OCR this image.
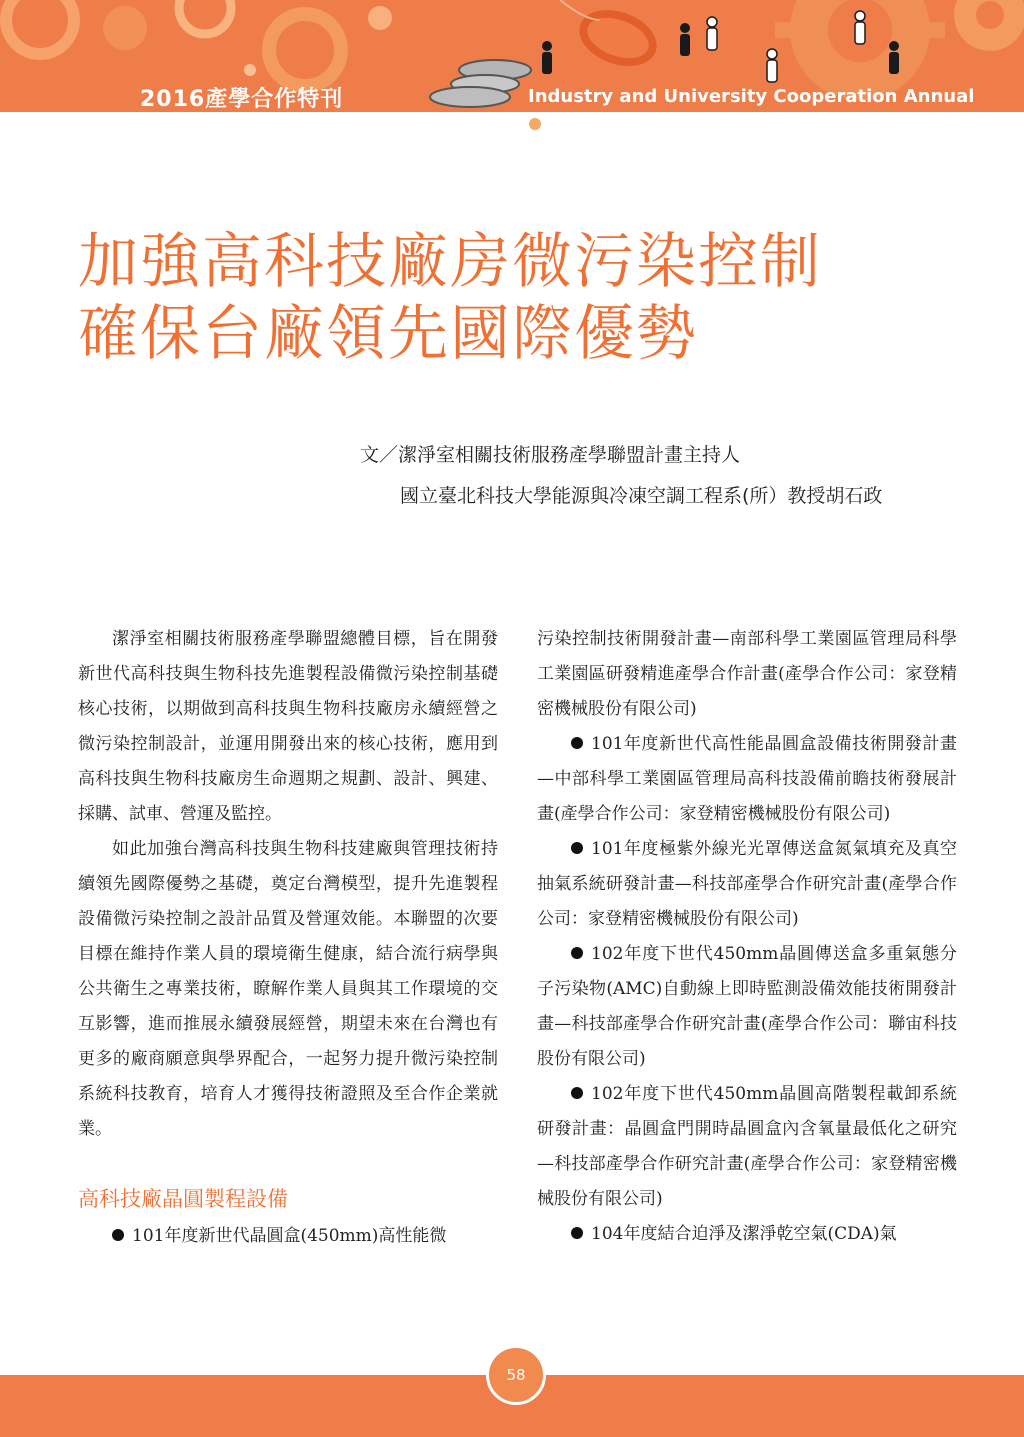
2016產學合作特刊	Industry and University Cooperation Annual
加強高科技廠房微污染控制
確保台廠領先國際優勢
文／潔淨室相關技術服務產學聯盟計畫主持人
國立臺北科技大學能源與冷凍空調工程系(所）教授胡石政

潔淨室相關技術服務產學聯盟總體目標，旨在開發新世代高科技與生物科技先進製程設備微污染控制基礎核心技術，以期做到高科技與生物科技廠房永續經營之微污染控制設計，並運用開發出來的核心技術，應用到高科技與生物科技廠房生命週期之規劃、設計、興建、採購、試車、營運及監控。

如此加強台灣高科技與生物科技建廠與管理技術持續領先國際優勢之基礎，奠定台灣模型，提升先進製程設備微污染控制之設計品質及營運效能。本聯盟的次要目標在維持作業人員的環境衛生健康，結合流行病學與公共衛生之專業技術，瞭解作業人員與其工作環境的交互影響，進而推展永續發展經營，期望未來在台灣也有更多的廠商願意與學界配合，一起努力提升微污染控制系統科技教育，培育人才獲得技術證照及至合作企業就業。

高科技廠晶圓製程設備

101年度新世代晶圓盒(450mm)高性能微

污染控制技術開發計畫—南部科學工業園區管理局科學工業園區研發精進產學合作計畫(產學合作公司：家登精密機械股份有限公司)

101年度新世代高性能晶圓盒設備技術開發計畫—中部科學工業園區管理局高科技設備前瞻技術發展計畫(產學合作公司：家登精密機械股份有限公司)

101年度極紫外線光光罩傳送盒氮氣填充及真空抽氣系統研發計畫—科技部產學合作研究計畫(產學合作公司：家登精密機械股份有限公司)

102年度下世代450mm晶圓傳送盒多重氣態分子污染物(AMC)自動線上即時監測設備效能技術開發計畫—科技部產學合作研究計畫(產學合作公司：聯宙科技股份有限公司)

102年度下世代450mm晶圓高階製程載卸系統研發計畫：晶圓盒門開時晶圓盒內含氧量最低化之研究—科技部產學合作研究計畫(產學合作公司：家登精密機械股份有限公司)

104年度結合迫淨及潔淨乾空氣(CDA)氣

58
